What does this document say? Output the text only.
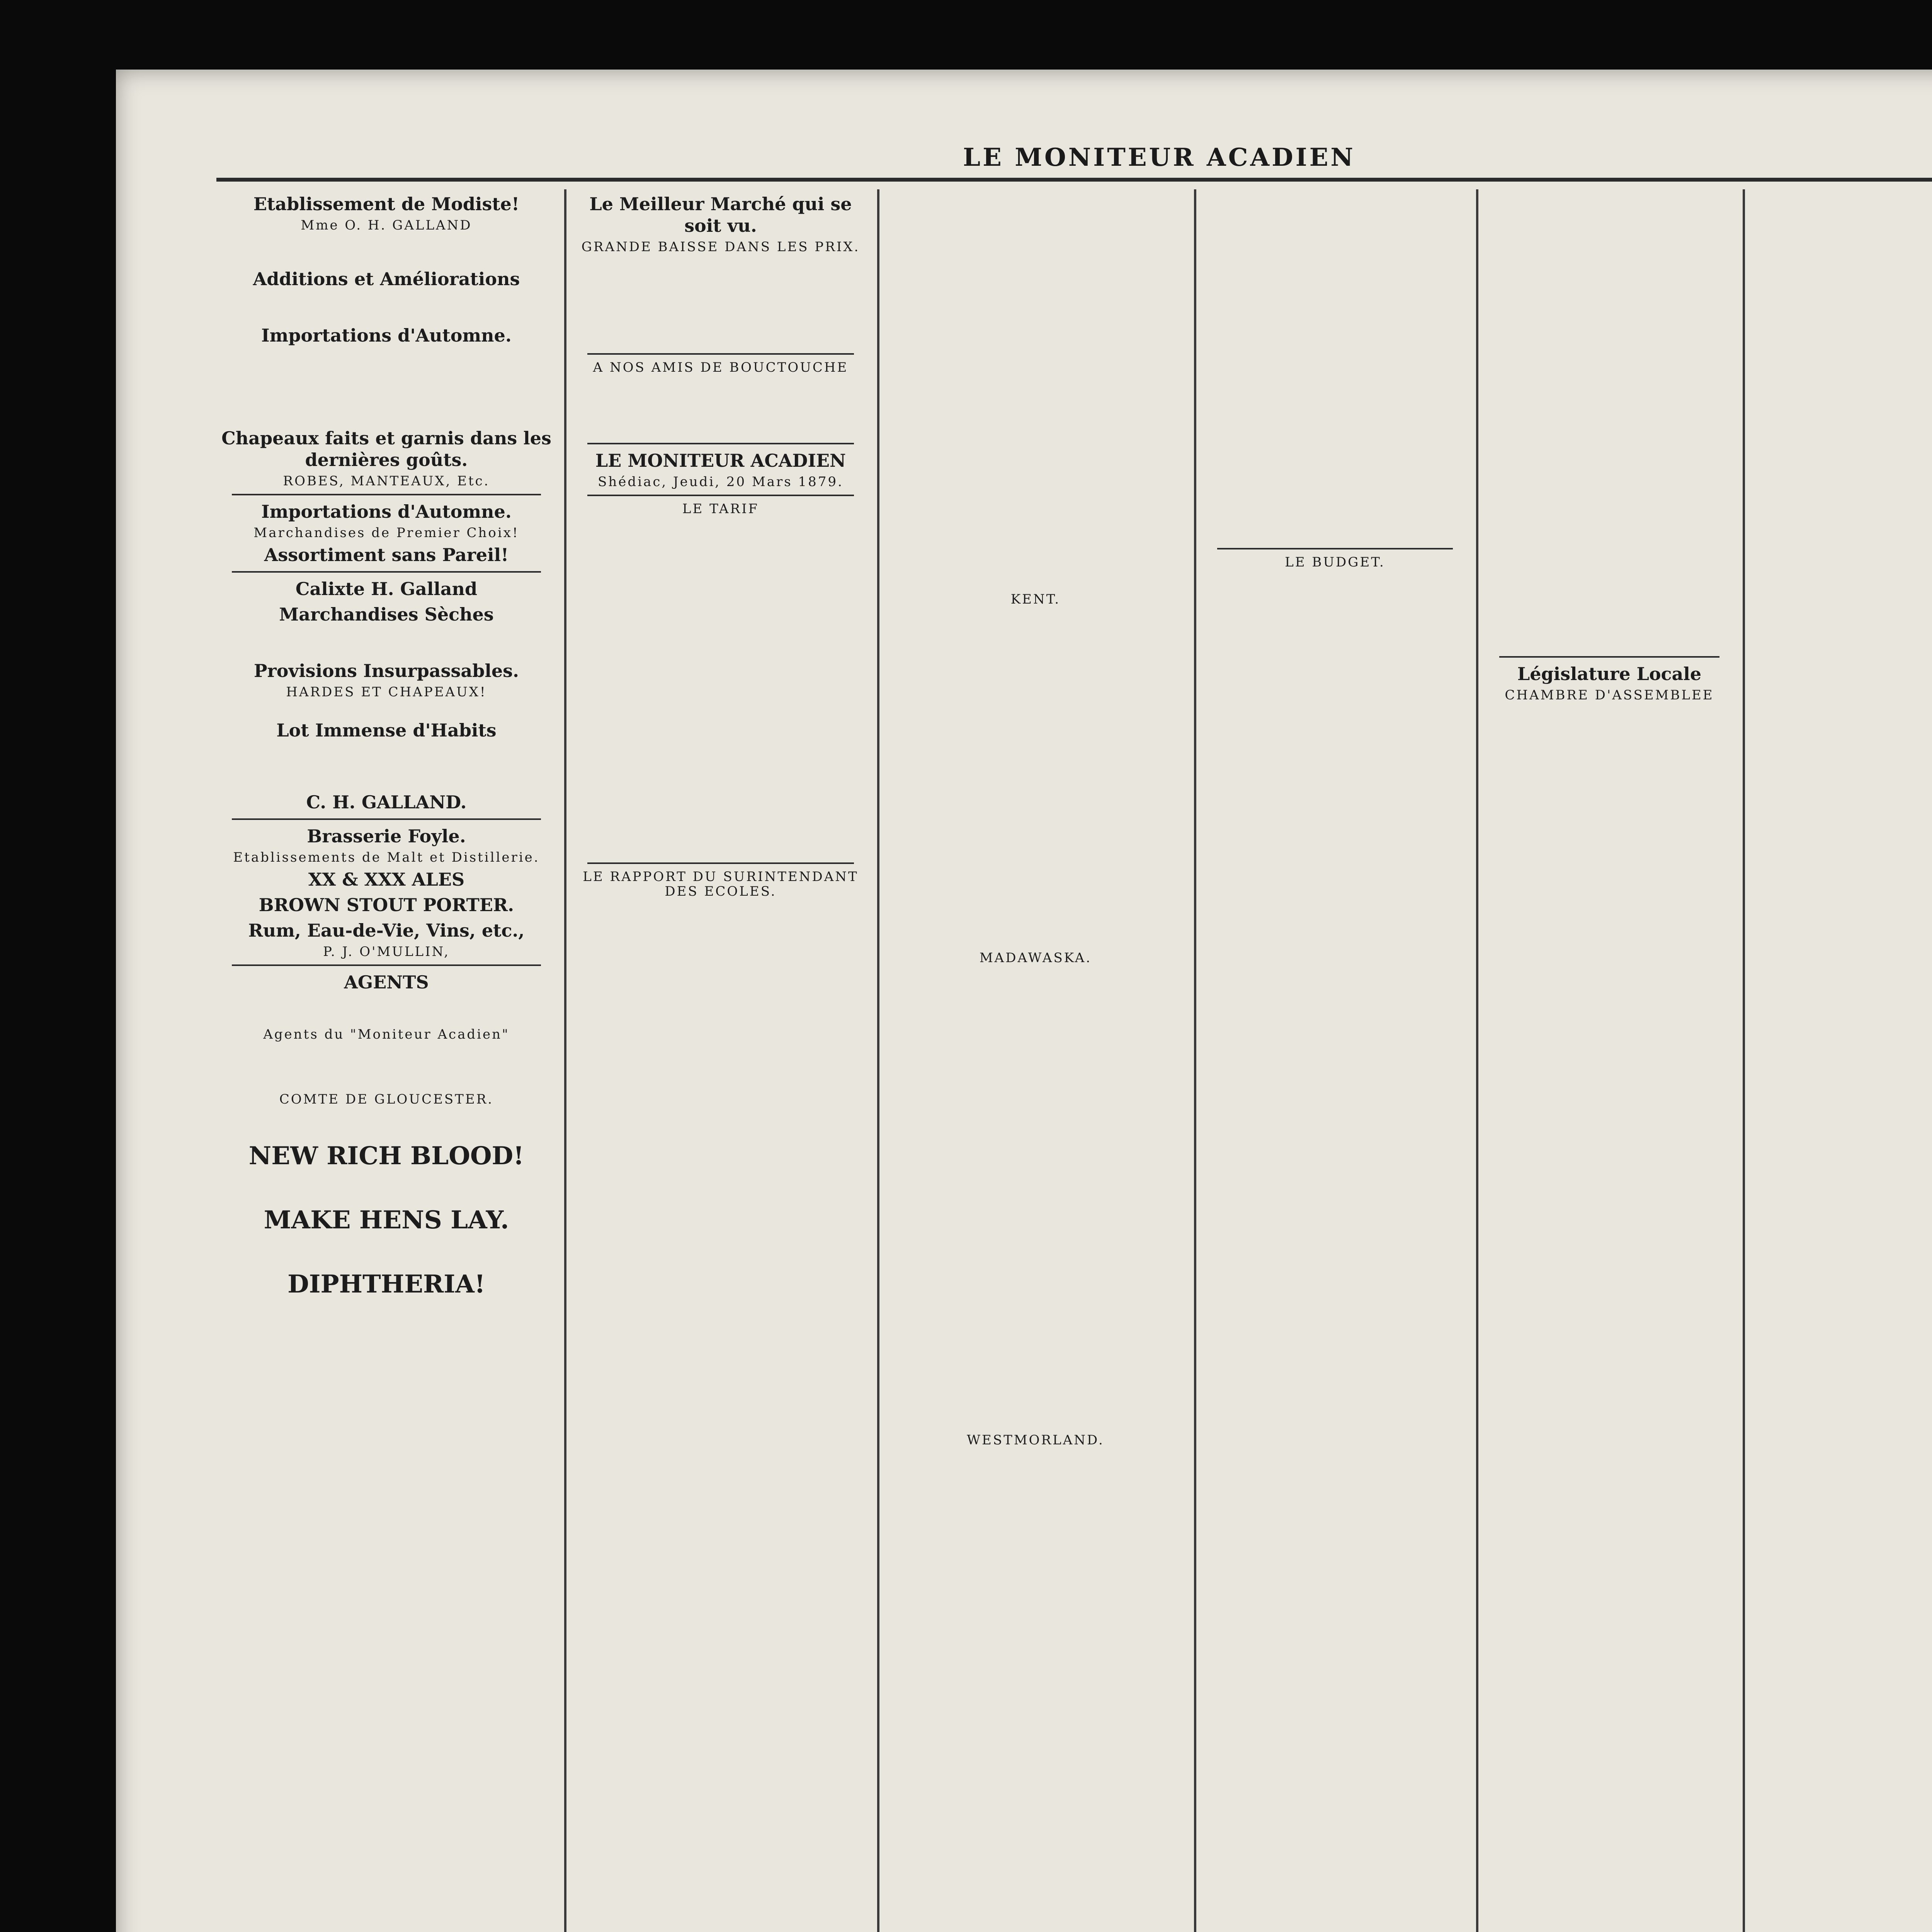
LE MONITEUR ACADIEN
Etablissement de Modiste!
Mme O. H. GALLAND

Additions et Améliorations

Importations d'Automne.

Chapeaux faits et garnis dans les dernières goûts.
ROBES, MANTEAUX, Etc.
Importations d'Automne.
Marchandises de Premier Choix!
Assortiment sans Pareil!
Calixte H. Galland
Marchandises Sèches

Provisions Insurpassables.
HARDES ET CHAPEAUX!

Lot Immense d'Habits

C. H. GALLAND.
Brasserie Foyle.
Etablissements de Malt et Distillerie.
XX & XXX ALES
BROWN STOUT PORTER.
Rum, Eau-de-Vie, Vins, etc.,
P. J. O'MULLIN,
AGENTS

Agents du "Moniteur Acadien"

COMTE DE GLOUCESTER.

NEW RICH BLOOD!

MAKE HENS LAY.

DIPHTHERIA!
Le Meilleur Marché qui se soit vu.
GRANDE BAISSE DANS LES PRIX.

A NOS AMIS DE BOUCTOUCHE

LE MONITEUR ACADIEN
Shédiac, Jeudi, 20 Mars 1879.
LE TARIF

LE RAPPORT DU SURINTENDANT DES ECOLES.

KENT.

MADAWASKA.

WESTMORLAND.

LE BUDGET.

Législature Locale
CHAMBRE D'ASSEMBLEE
